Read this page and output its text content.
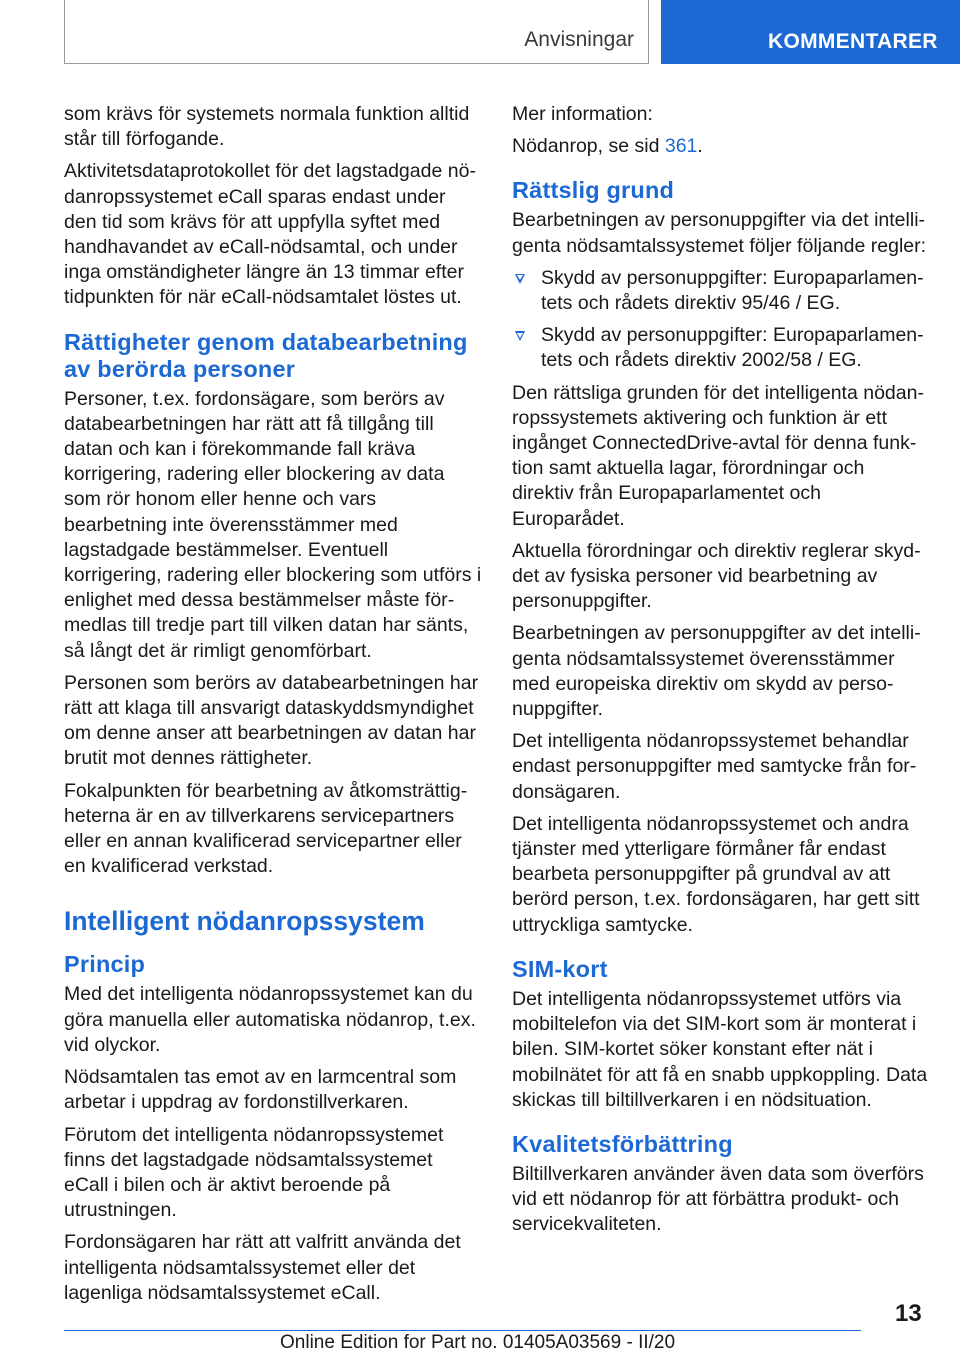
Anvisningar	KOMMENTARER

som krävs för systemets normala funktion alltid står till förfogande.

Aktivitetsdataprotokollet för det lagstadgade nödanropssystemet eCall sparas endast under den tid som krävs för att uppfylla syftet med handhavandet av eCall-nödsamtal, och under inga omständigheter längre än 13 timmar efter tidpunkten för när eCall-nödsamtalet löstes ut.

Rättigheter genom databearbetning av berörda personer

Personer, t.ex. fordonsägare, som berörs av databearbetningen har rätt att få tillgång till datan och kan i förekommande fall kräva korrigering, radering eller blockering av data som rör honom eller henne och vars bearbetning inte överensstämmer med lagstadgade bestämmelser. Eventuell korrigering, radering eller blockering som utförs i enlighet med dessa bestämmelser måste förmedlas till tredje part till vilken datan har sänts, så långt det är rimligt genomförbart.

Personen som berörs av databearbetningen har rätt att klaga till ansvarigt dataskyddsmyndighet om denne anser att bearbetningen av datan har brutit mot dennes rättigheter.

Fokalpunkten för bearbetning av åtkomsträttigheterna är en av tillverkarens servicepartners eller en annan kvalificerad servicepartner eller en kvalificerad verkstad.

Intelligent nödanropssystem
Princip

Med det intelligenta nödanropssystemet kan du göra manuella eller automatiska nödanrop, t.ex. vid olyckor.

Nödsamtalen tas emot av en larmcentral som arbetar i uppdrag av fordonstillverkaren.

Förutom det intelligenta nödanropssystemet finns det lagstadgade nödsamtalssystemet eCall i bilen och är aktivt beroende på utrustningen.

Fordonsägaren har rätt att valfritt använda det intelligenta nödsamtalssystemet eller det lagenliga nödsamtalssystemet eCall.

Mer information:

Nödanrop, se sid 361.

Rättslig grund

Bearbetningen av personuppgifter via det intelligenta nödsamtalssystemet följer följande regler:

Skydd av personuppgifter: Europaparlamentets och rådets direktiv 95/46 / EG.
Skydd av personuppgifter: Europaparlamentets och rådets direktiv 2002/58 / EG.

Den rättsliga grunden för det intelligenta nödanropssystemets aktivering och funktion är ett ingånget ConnectedDrive-avtal för denna funktion samt aktuella lagar, förordningar och direktiv från Europaparlamentet och Europarådet.

Aktuella förordningar och direktiv reglerar skyddet av fysiska personer vid bearbetning av personuppgifter.

Bearbetningen av personuppgifter av det intelligenta nödsamtalssystemet överensstämmer med europeiska direktiv om skydd av personuppgifter.

Det intelligenta nödanropssystemet behandlar endast personuppgifter med samtycke från fordonsägaren.

Det intelligenta nödanropssystemet och andra tjänster med ytterligare förmåner får endast bearbeta personuppgifter på grundval av att berörd person, t.ex. fordonsägaren, har gett sitt uttryckliga samtycke.

SIM-kort

Det intelligenta nödanropssystemet utförs via mobiltelefon via det SIM-kort som är monterat i bilen. SIM-kortet söker konstant efter nät i mobilnätet för att få en snabb uppkoppling. Data skickas till biltillverkaren i en nödsituation.

Kvalitetsförbättring

Biltillverkaren använder även data som överförs vid ett nödanrop för att förbättra produkt- och servicekvaliteten.

13
Online Edition for Part no. 01405A03569 - II/20
